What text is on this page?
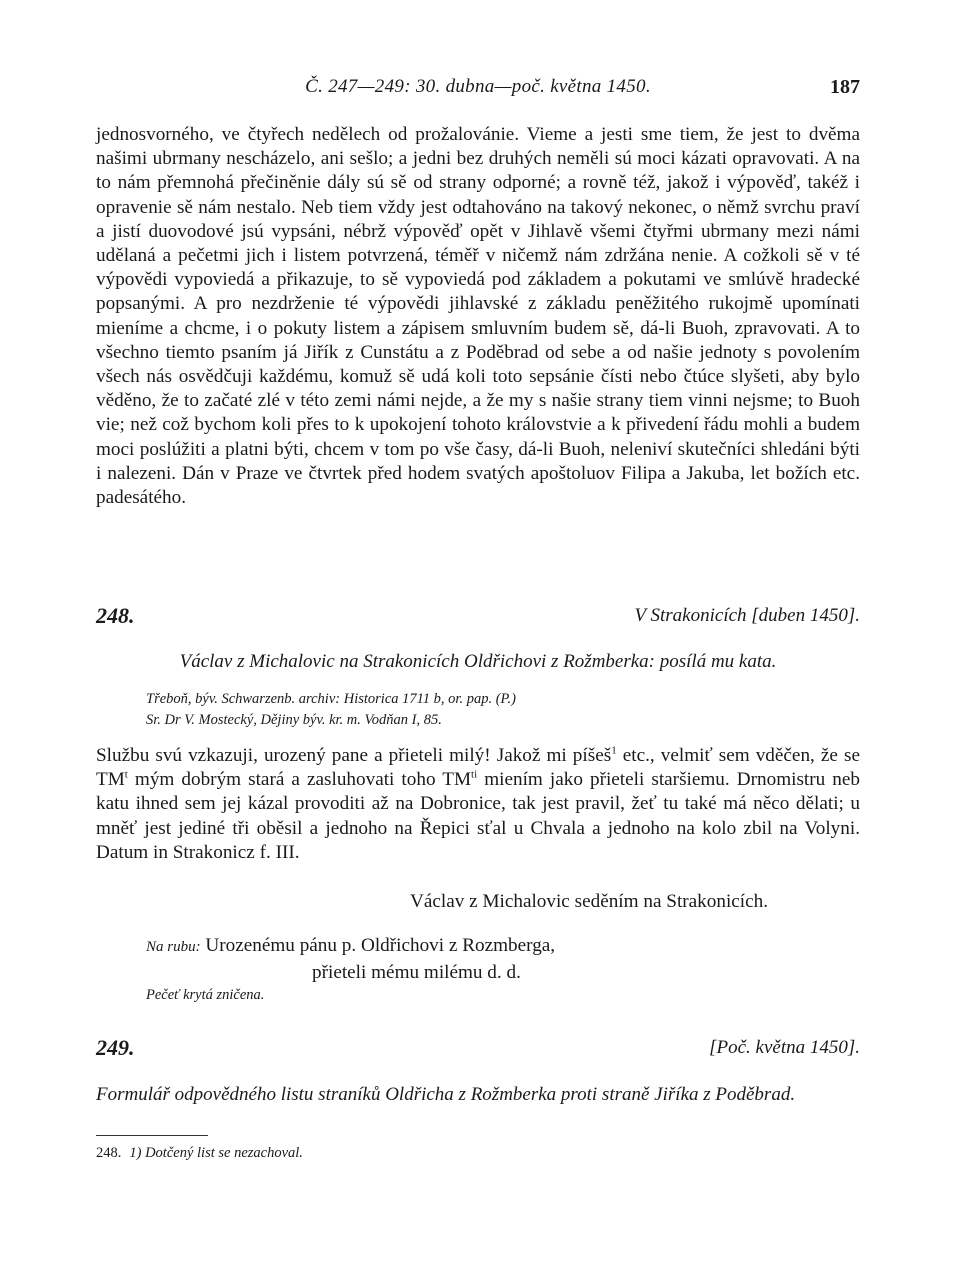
Č. 247—249: 30. dubna—poč. května 1450.	187

jednosvorného, ve čtyřech nedělech od prožalovánie. Vieme a jesti sme tiem, že jest to dvěma našimi ubrmany nescházelo, ani sešlo; a jedni bez druhých neměli sú moci kázati opravovati. A na to nám přemnohá přečiněnie dály sú sě od strany odporné; a rovně též, jakož i výpověď, takéž i opravenie sě nám nestalo. Neb tiem vždy jest odtahováno na takový nekonec, o němž svrchu praví a jistí duovodové jsú vypsáni, nébrž výpověď opět v Jihlavě všemi čtyřmi ubrmany mezi námi udělaná a pečetmi jich i listem potvrzená, téměř v ničemž nám zdržána nenie. A cožkoli sě v té výpovědi vypoviedá a přikazuje, to sě vypoviedá pod základem a pokutami ve smlúvě hradecké popsanými. A pro nezdrženie té výpovědi jihlavské z základu peněžitého rukojmě upomínati mieníme a chcme, i o pokuty listem a zápisem smluvním budem sě, dá-li Buoh, zpravovati. A to všechno tiemto psaním já Jiřík z Cunstátu a z Poděbrad od sebe a od našie jednoty s povolením všech nás osvědčuji každému, komuž sě udá koli toto sepsánie čísti nebo čtúce slyšeti, aby bylo věděno, že to začaté zlé v této zemi námi nejde, a že my s našie strany tiem vinni nejsme; to Buoh vie; než což bychom koli přes to k upokojení tohoto královstvie a k přivedení řádu mohli a budem moci poslúžiti a platni býti, chcem v tom po vše časy, dá-li Buoh, neleniví skutečníci shledáni býti i nalezeni. Dán v Praze ve čtvrtek před hodem svatých apoštoluov Filipa a Jakuba, let božích etc. padesátého.

248.	V Strakonicích [duben 1450].
Václav z Michalovic na Strakonicích Oldřichovi z Rožmberka: posílá mu kata.
Třeboň, býv. Schwarzenb. archiv: Historica 1711 b, or. pap. (P.)
Sr. Dr V. Mostecký, Dějiny býv. kr. m. Vodňan I, 85.

Službu svú vzkazuji, urozený pane a přieteli milý! Jakož mi píšeš$^1$ etc., velmiť sem vděčen, že se $TM^t$ mým dobrým stará a zasluhovati toho $TM^{ti}$ miením jako přieteli staršiemu. Drnomistru neb katu ihned sem jej kázal provoditi až na Dobronice, tak jest pravil, žeť tu také má něco dělati; u mněť jest jediné tři oběsil a jednoho na Řepici sťal u Chvala a jednoho na kolo zbil na Volyni. Datum in Strakonicz f. III.

Václav z Michalovic seděním na Strakonicích.
Na rubu: Urozenému pánu p. Oldřichovi z Rozmberga,
přieteli mému milému d. d.
Pečeť krytá zničena.
249.	[Poč. května 1450].
Formulář odpovědného listu straníků Oldřicha z Rožmberka proti straně Jiříka z Poděbrad.
248. 1) Dotčený list se nezachoval.
